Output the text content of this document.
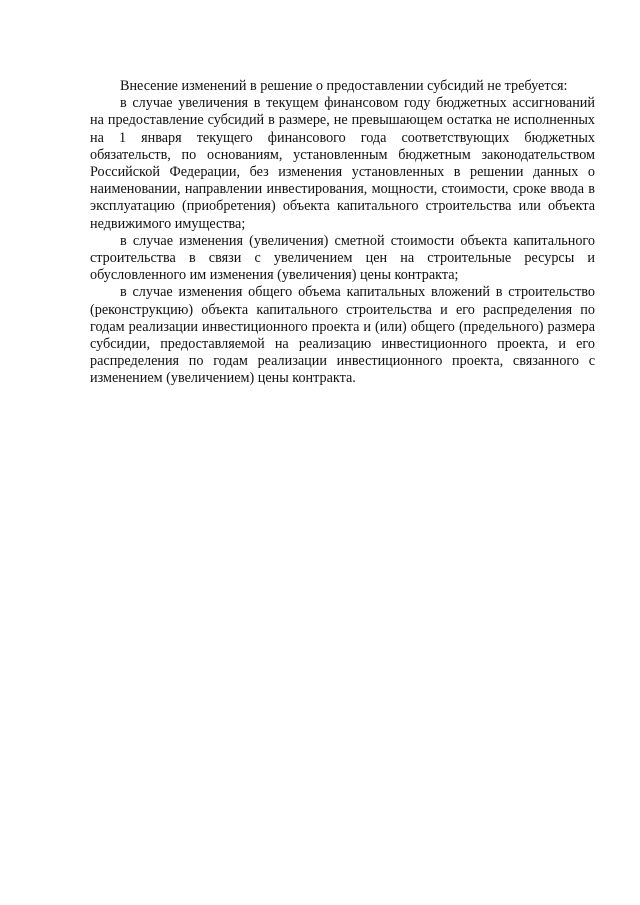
Внесение изменений в решение о предоставлении субсидий не требуется:

в случае увеличения в текущем финансовом году бюджетных ассигнований на предоставление субсидий в размере, не превышающем остатка не исполненных на 1 января текущего финансового года соответствующих бюджетных обязательств, по основаниям, установленным бюджетным законодательством Российской Федерации, без изменения установленных в решении данных о наименовании, направлении инвестирования, мощности, стоимости, сроке ввода в эксплуатацию (приобретения) объекта капитального строительства или объекта недвижимого имущества;

в случае изменения (увеличения) сметной стоимости объекта капитального строительства в связи с увеличением цен на строительные ресурсы и обусловленного им изменения (увеличения) цены контракта;

в случае изменения общего объема капитальных вложений в строительство (реконструкцию) объекта капитального строительства и его распределения по годам реализации инвестиционного проекта и (или) общего (предельного) размера субсидии, предоставляемой на реализацию инвестиционного проекта, и его распределения по годам реализации инвестиционного проекта, связанного с изменением (увеличением) цены контракта.
